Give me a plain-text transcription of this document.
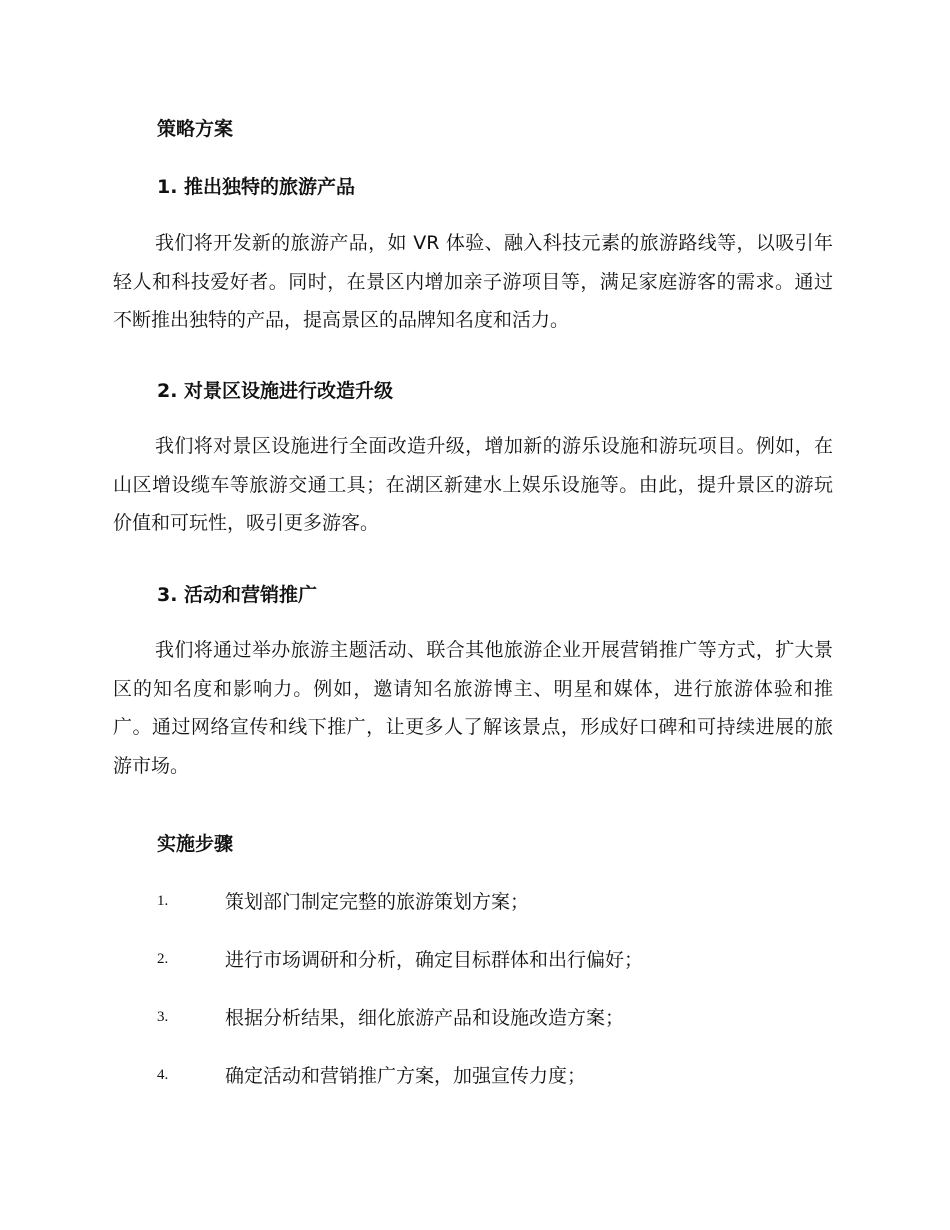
策略方案
1. 推出独特的旅游产品

我们将开发新的旅游产品，如 VR 体验、融入科技元素的旅游路线等，以吸引年轻人和科技爱好者。同时，在景区内增加亲子游项目等，满足家庭游客的需求。通过不断推出独特的产品，提高景区的品牌知名度和活力。

2. 对景区设施进行改造升级

我们将对景区设施进行全面改造升级，增加新的游乐设施和游玩项目。例如，在山区增设缆车等旅游交通工具；在湖区新建水上娱乐设施等。由此，提升景区的游玩价值和可玩性，吸引更多游客。

3. 活动和营销推广

我们将通过举办旅游主题活动、联合其他旅游企业开展营销推广等方式，扩大景区的知名度和影响力。例如，邀请知名旅游博主、明星和媒体，进行旅游体验和推广。通过网络宣传和线下推广，让更多人了解该景点，形成好口碑和可持续进展的旅游市场。

实施步骤
1.	策划部门制定完整的旅游策划方案；
2.	进行市场调研和分析，确定目标群体和出行偏好；
3.	根据分析结果，细化旅游产品和设施改造方案；
4.	确定活动和营销推广方案，加强宣传力度；
